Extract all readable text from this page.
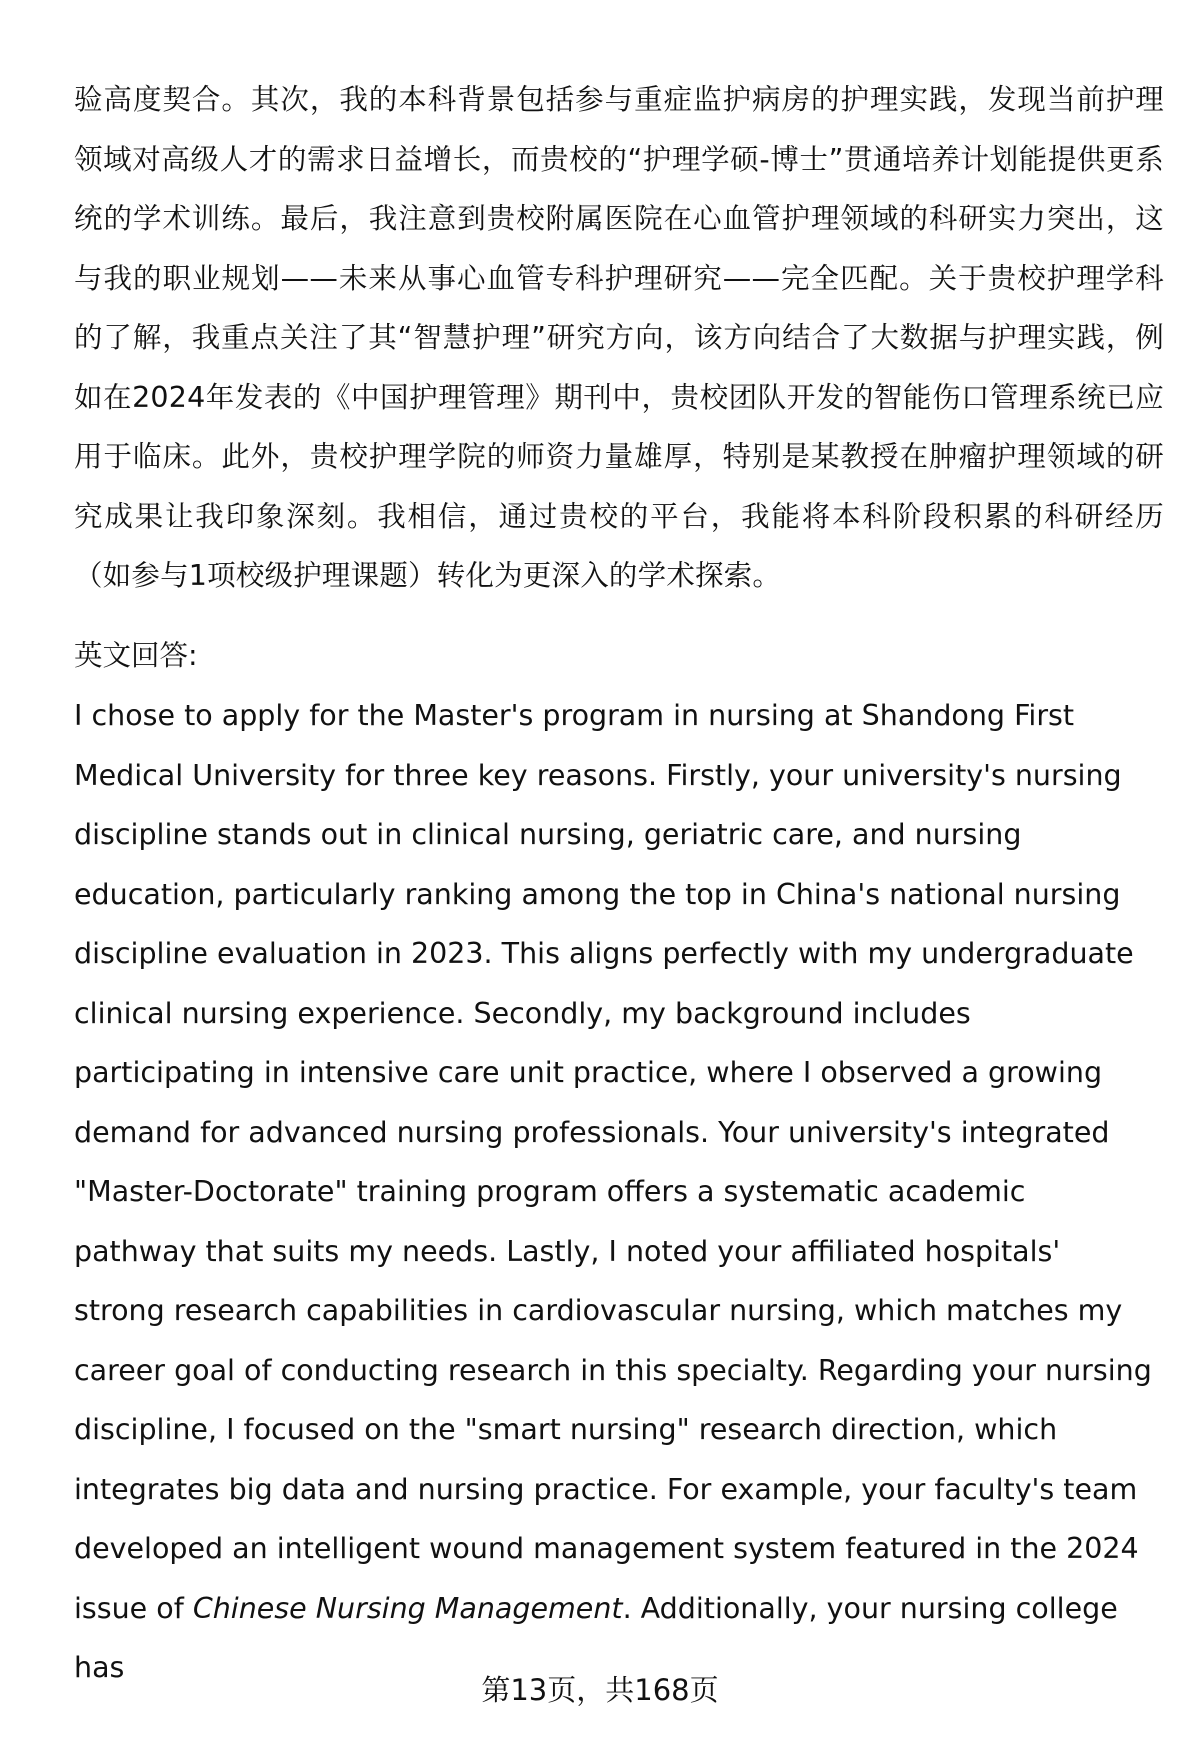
验高度契合。其次，我的本科背景包括参与重症监护病房的护理实践，发现当前护理领域对高级人才的需求日益增长，而贵校的“护理学硕-博士”贯通培养计划能提供更系统的学术训练。最后，我注意到贵校附属医院在心血管护理领域的科研实力突出，这与我的职业规划——未来从事心血管专科护理研究——完全匹配。关于贵校护理学科的了解，我重点关注了其“智慧护理”研究方向，该方向结合了大数据与护理实践，例如在2024年发表的《中国护理管理》期刊中，贵校团队开发的智能伤口管理系统已应用于临床。此外，贵校护理学院的师资力量雄厚，特别是某教授在肿瘤护理领域的研究成果让我印象深刻。我相信，通过贵校的平台，我能将本科阶段积累的科研经历（如参与1项校级护理课题）转化为更深入的学术探索。

英文回答:

I chose to apply for the Master's program in nursing at Shandong First Medical University for three key reasons. Firstly, your university's nursing discipline stands out in clinical nursing, geriatric care, and nursing education, particularly ranking among the top in China's national nursing discipline evaluation in 2023. This aligns perfectly with my undergraduate clinical nursing experience. Secondly, my background includes participating in intensive care unit practice, where I observed a growing demand for advanced nursing professionals. Your university's integrated "Master-Doctorate" training program offers a systematic academic pathway that suits my needs. Lastly, I noted your affiliated hospitals' strong research capabilities in cardiovascular nursing, which matches my career goal of conducting research in this specialty. Regarding your nursing discipline, I focused on the "smart nursing" research direction, which integrates big data and nursing practice. For example, your faculty's team developed an intelligent wound management system featured in the 2024 issue of Chinese Nursing Management. Additionally, your nursing college has

第13页，共168页
